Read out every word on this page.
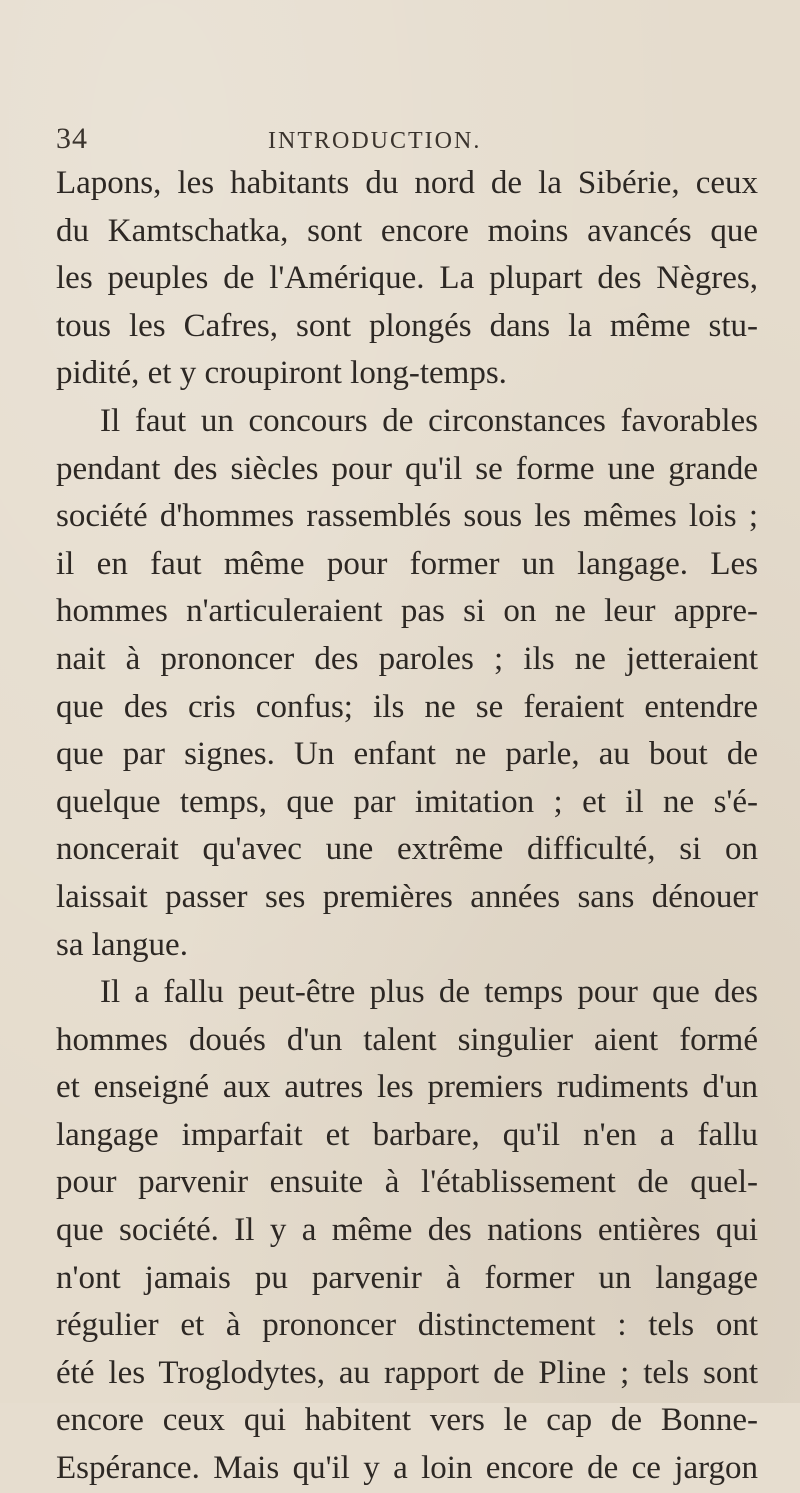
34	INTRODUCTION.
Lapons, les habitants du nord de la Sibérie, ceux
du Kamtschatka, sont encore moins avancés que
les peuples de l'Amérique. La plupart des Nègres,
tous les Cafres, sont plongés dans la même stu-
pidité, et y croupiront long-temps.
Il faut un concours de circonstances favorables
pendant des siècles pour qu'il se forme une grande
société d'hommes rassemblés sous les mêmes lois ;
il en faut même pour former un langage. Les
hommes n'articuleraient pas si on ne leur appre-
nait à prononcer des paroles ; ils ne jetteraient
que des cris confus; ils ne se feraient entendre
que par signes. Un enfant ne parle, au bout de
quelque temps, que par imitation ; et il ne s'é-
noncerait qu'avec une extrême difficulté, si on
laissait passer ses premières années sans dénouer
sa langue.
Il a fallu peut-être plus de temps pour que des
hommes doués d'un talent singulier aient formé
et enseigné aux autres les premiers rudiments d'un
langage imparfait et barbare, qu'il n'en a fallu
pour parvenir ensuite à l'établissement de quel-
que société. Il y a même des nations entières qui
n'ont jamais pu parvenir à former un langage
régulier et à prononcer distinctement : tels ont
été les Troglodytes, au rapport de Pline ; tels sont
encore ceux qui habitent vers le cap de Bonne-
Espérance. Mais qu'il y a loin encore de ce jargon
